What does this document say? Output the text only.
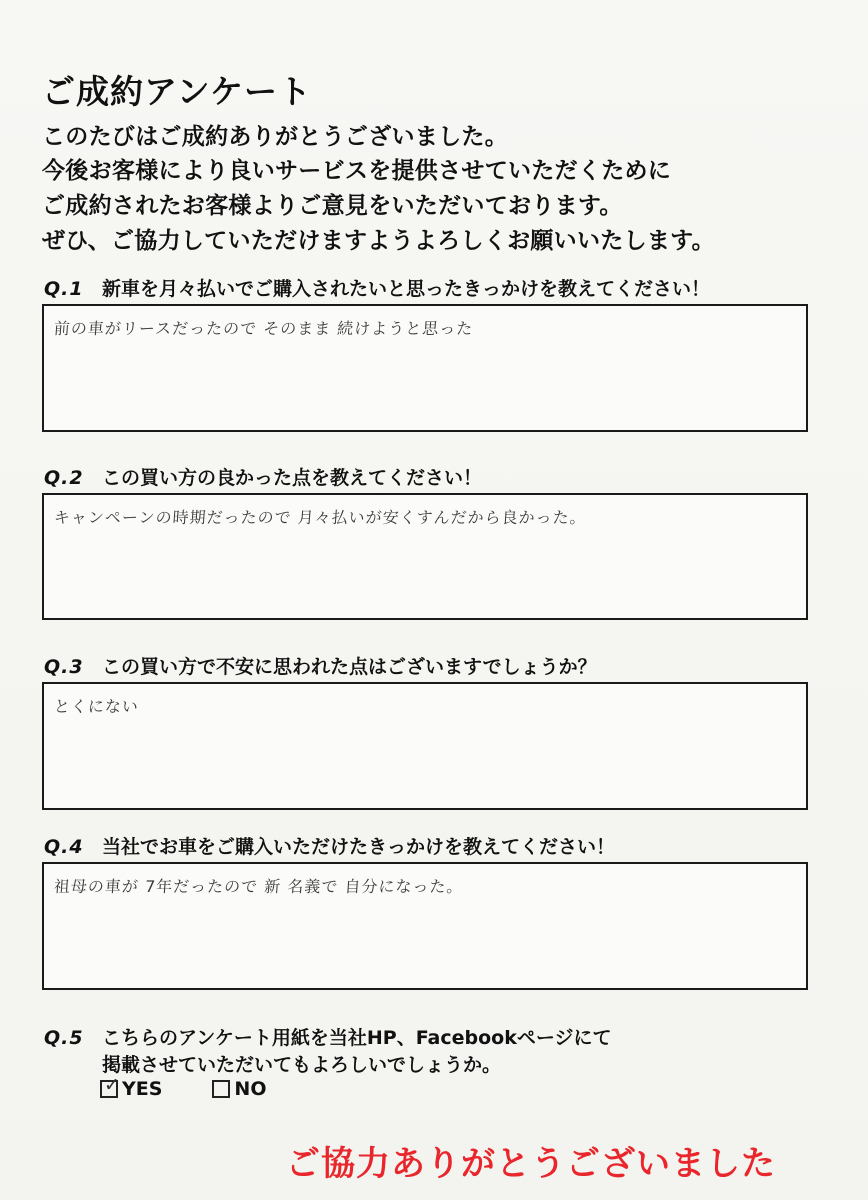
ご成約アンケート
このたびはご成約ありがとうございました。
今後お客様により良いサービスを提供させていただくために
ご成約されたお客様よりご意見をいただいております。
ぜひ、ご協力していただけますようよろしくお願いいたします。
Q.1 新車を月々払いでご購入されたいと思ったきっかけを教えてください！
前の車がリースだったので そのまま 続けようと思った
Q.2 この買い方の良かった点を教えてください！
キャンペーンの時期だったので 月々払いが安くすんだから良かった。
Q.3 この買い方で不安に思われた点はございますでしょうか？
とくにない
Q.4 当社でお車をご購入いただけたきっかけを教えてください！
祖母の車が 7年だったので 新 名義で 自分になった。
Q.5 こちらのアンケート用紙を当社HP、Facebookページにて
掲載させていただいてもよろしいでしょうか。
✓ YES	NO
ご協力ありがとうございました
